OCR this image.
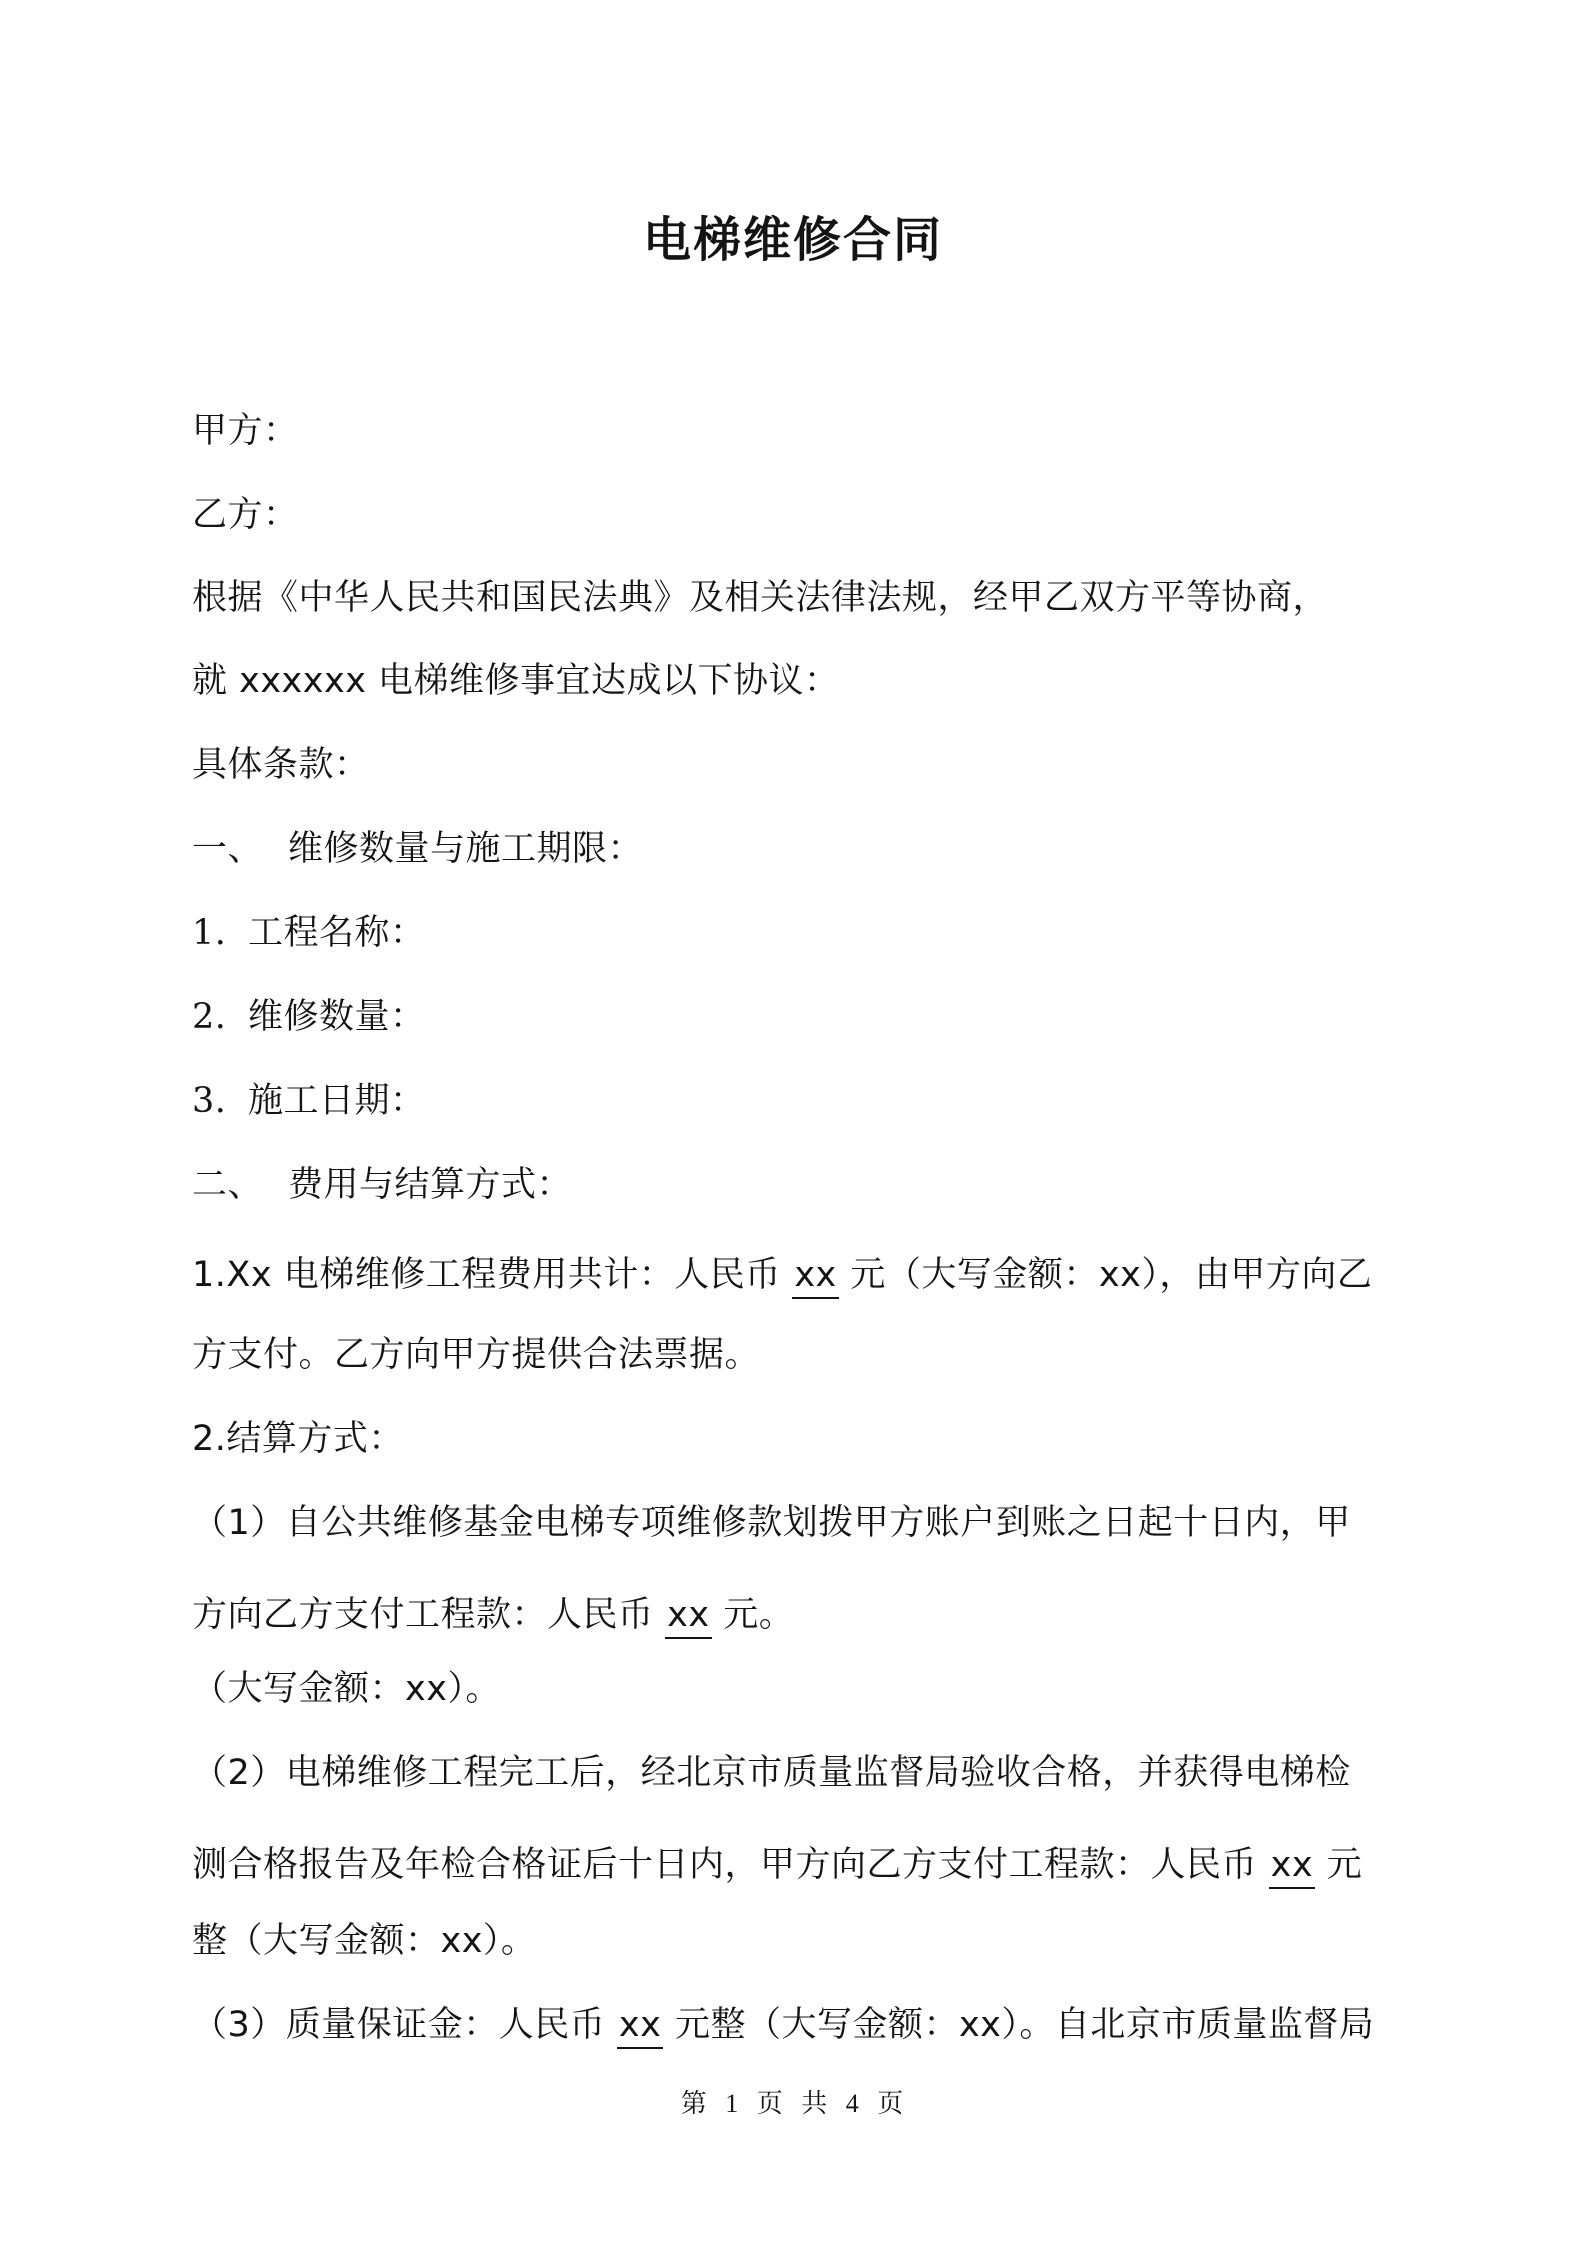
电梯维修合同
甲方：
乙方：
根据《中华人民共和国民法典》及相关法律法规，经甲乙双方平等协商，
就 xxxxxx 电梯维修事宜达成以下协议：
具体条款：
一、 维修数量与施工期限：
1. 工程名称：
2. 维修数量：
3. 施工日期：
二、 费用与结算方式：
1.Xx 电梯维修工程费用共计：人民币 xx 元（大写金额：xx），由甲方向乙
方支付。乙方向甲方提供合法票据。
2.结算方式：
（1）自公共维修基金电梯专项维修款划拨甲方账户到账之日起十日内，甲
方向乙方支付工程款：人民币 xx 元。
（大写金额：xx）。
（2）电梯维修工程完工后，经北京市质量监督局验收合格，并获得电梯检
测合格报告及年检合格证后十日内，甲方向乙方支付工程款：人民币 xx 元
整（大写金额：xx）。
（3）质量保证金：人民币 xx 元整（大写金额：xx）。自北京市质量监督局
第 1 页 共 4 页
